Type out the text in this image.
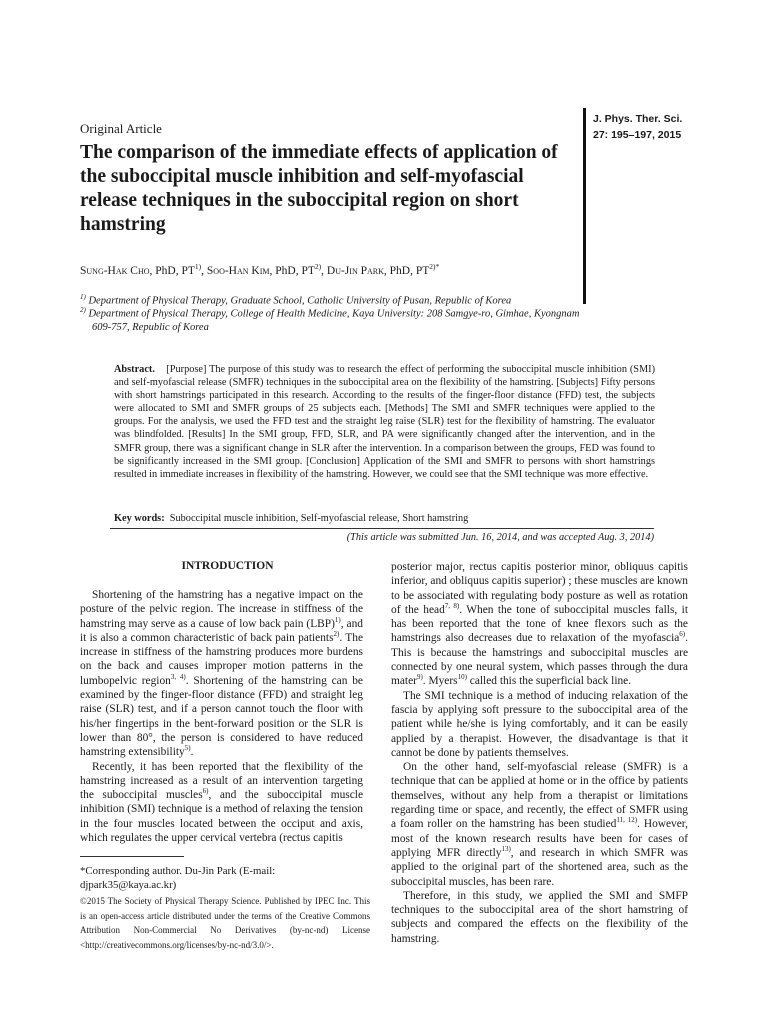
J. Phys. Ther. Sci.
27: 195–197, 2015
Original Article
The comparison of the immediate effects of application of the suboccipital muscle inhibition and self-myofascial release techniques in the suboccipital region on short hamstring
Sung-Hak Cho, PhD, PT$^{1)}$, Soo-Han Kim, PhD, PT$^{2)}$, Du-Jin Park, PhD, $PT^{2)*}$
$^{1)}$ Department of Physical Therapy, Graduate School, Catholic University of Pusan, Republic of Korea
$^{2)}$ Department of Physical Therapy, College of Health Medicine, Kaya University: 208 Samgye-ro, Gimhae, Kyongnam 609-757, Republic of Korea

Abstract. [Purpose] The purpose of this study was to research the effect of performing the suboccipital muscle inhibition (SMI) and self-myofascial release (SMFR) techniques in the suboccipital area on the flexibility of the hamstring. [Subjects] Fifty persons with short hamstrings participated in this research. According to the results of the finger-floor distance (FFD) test, the subjects were allocated to SMI and SMFR groups of 25 subjects each. [Methods] The SMI and SMFR techniques were applied to the groups. For the analysis, we used the FFD test and the straight leg raise (SLR) test for the flexibility of hamstring. The evaluator was blindfolded. [Results] In the SMI group, FFD, SLR, and PA were significantly changed after the intervention, and in the SMFR group, there was a significant change in SLR after the intervention. In a comparison between the groups, FED was found to be significantly increased in the SMI group. [Conclusion] Application of the SMI and SMFR to persons with short hamstrings resulted in immediate increases in flexibility of the hamstring. However, we could see that the SMI technique was more effective.

Key words: Suboccipital muscle inhibition, Self-myofascial release, Short hamstring

(This article was submitted Jun. 16, 2014, and was accepted Aug. 3, 2014)
INTRODUCTION

Shortening of the hamstring has a negative impact on the posture of the pelvic region. The increase in stiffness of the hamstring may serve as a cause of low back pain (LBP)$^{1)}$, and it is also a common characteristic of back pain patients$^{2)}$. The increase in stiffness of the hamstring produces more burdens on the back and causes improper motion patterns in the lumbopelvic region$^{3, 4)}$. Shortening of the hamstring can be examined by the finger-floor distance (FFD) and straight leg raise (SLR) test, and if a person cannot touch the floor with his/her fingertips in the bent-forward position or the SLR is lower than 80°, the person is considered to have reduced hamstring extensibility$^{5)}$.

Recently, it has been reported that the flexibility of the hamstring increased as a result of an intervention targeting the suboccipital muscles$^{6)}$, and the suboccipital muscle inhibition (SMI) technique is a method of relaxing the tension in the four muscles located between the occiput and axis, which regulates the upper cervical vertebra (rectus capitis

posterior major, rectus capitis posterior minor, obliquus capitis inferior, and obliquus capitis superior) ; these muscles are known to be associated with regulating body posture as well as rotation of the head$^{7, 8)}$. When the tone of suboccipital muscles falls, it has been reported that the tone of knee flexors such as the hamstrings also decreases due to relaxation of the myofascia$^{6)}$. This is because the hamstrings and suboccipital muscles are connected by one neural system, which passes through the dura mater$^{9)}$. Myers$^{10)}$ called this the superficial back line.

The SMI technique is a method of inducing relaxation of the fascia by applying soft pressure to the suboccipital area of the patient while he/she is lying comfortably, and it can be easily applied by a therapist. However, the disadvantage is that it cannot be done by patients themselves.

On the other hand, self-myofascial release (SMFR) is a technique that can be applied at home or in the office by patients themselves, without any help from a therapist or limitations regarding time or space, and recently, the effect of SMFR using a foam roller on the hamstring has been studied$^{11, 12)}$. However, most of the known research results have been for cases of applying MFR directly$^{13)}$, and research in which SMFR was applied to the original part of the shortened area, such as the suboccipital muscles, has been rare.

Therefore, in this study, we applied the SMI and SMFP techniques to the suboccipital area of the short hamstring of subjects and compared the effects on the flexibility of the hamstring.

*Corresponding author. Du-Jin Park (E-mail: djpark35@kaya.ac.kr)

©2015 The Society of Physical Therapy Science. Published by IPEC Inc. This is an open-access article distributed under the terms of the Creative Commons Attribution Non-Commercial No Derivatives (by-nc-nd) License <http://creativecommons.org/licenses/by-nc-nd/3.0/>.
